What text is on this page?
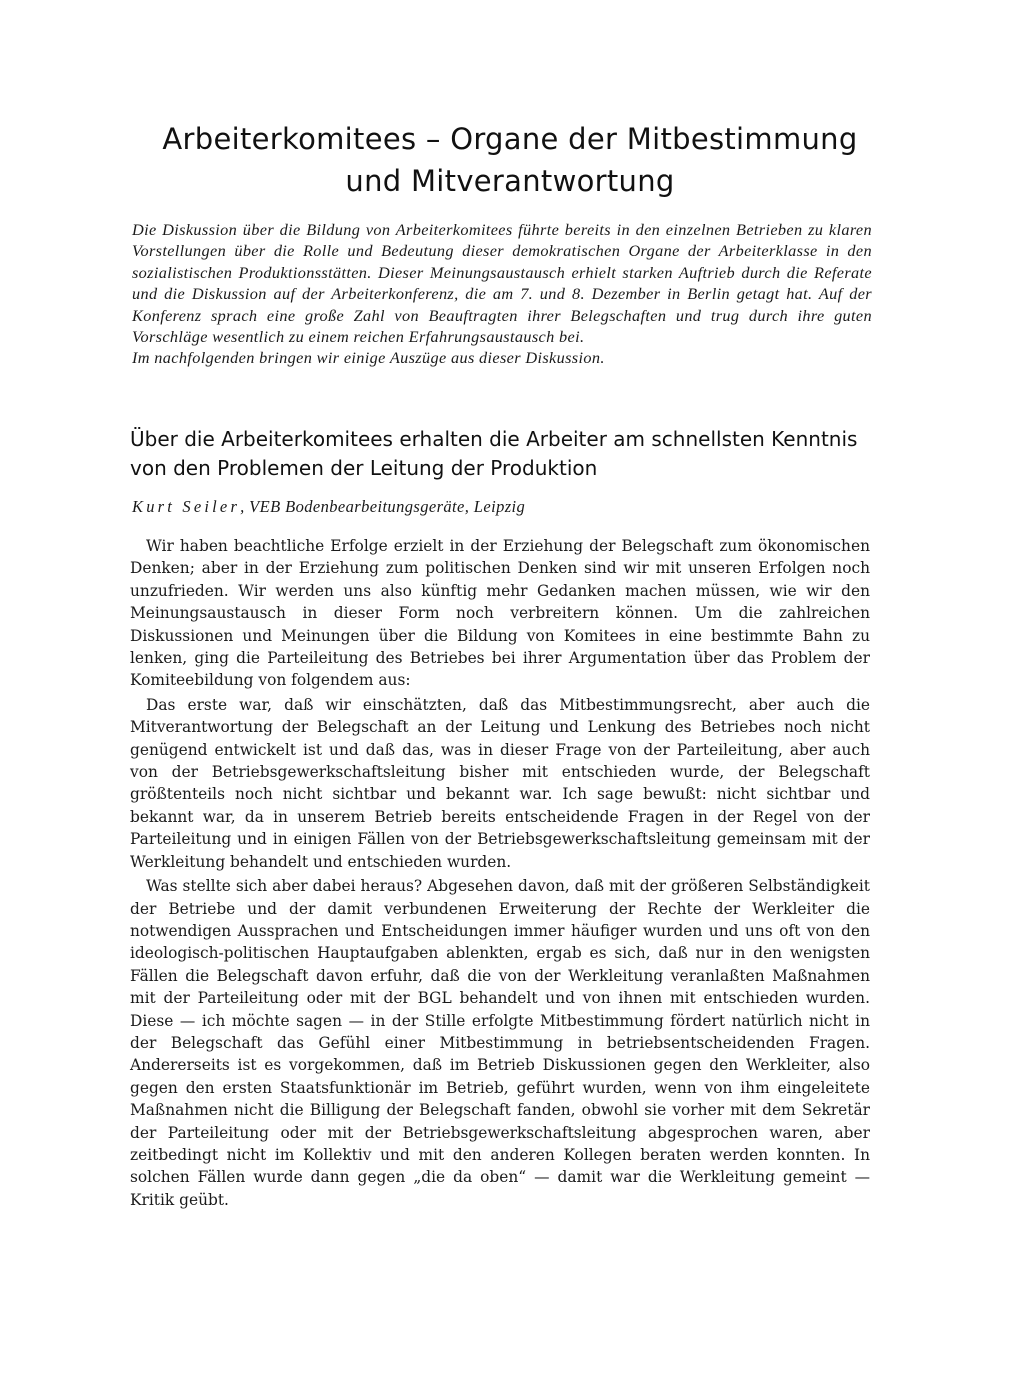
Arbeiterkomitees – Organe der Mitbestimmung
und Mitverantwortung

Die Diskussion über die Bildung von Arbeiterkomitees führte bereits in den einzelnen Betrieben zu klaren Vorstellungen über die Rolle und Bedeutung dieser demokratischen Organe der Arbeiterklasse in den sozialistischen Produktionsstätten. Dieser Meinungsaustausch erhielt starken Auftrieb durch die Referate und die Diskussion auf der Arbeiterkonferenz, die am 7. und 8. Dezember in Berlin getagt hat. Auf der Konferenz sprach eine große Zahl von Beauftragten ihrer Belegschaften und trug durch ihre guten Vorschläge wesentlich zu einem reichen Erfahrungsaustausch bei.

Im nachfolgenden bringen wir einige Auszüge aus dieser Diskussion.

Über die Arbeiterkomitees erhalten die Arbeiter am schnellsten Kenntnis von den Problemen der Leitung der Produktion
Kurt Seiler, VEB Bodenbearbeitungsgeräte, Leipzig

Wir haben beachtliche Erfolge erzielt in der Erziehung der Belegschaft zum ökonomischen Denken; aber in der Erziehung zum politischen Denken sind wir mit unseren Erfolgen noch unzufrieden. Wir werden uns also künftig mehr Gedanken machen müssen, wie wir den Meinungsaustausch in dieser Form noch verbreitern können. Um die zahlreichen Diskussionen und Meinungen über die Bildung von Komitees in eine bestimmte Bahn zu lenken, ging die Parteileitung des Betriebes bei ihrer Argumentation über das Problem der Komiteebildung von folgendem aus:

Das erste war, daß wir einschätzten, daß das Mitbestimmungsrecht, aber auch die Mitverantwortung der Belegschaft an der Leitung und Lenkung des Betriebes noch nicht genügend entwickelt ist und daß das, was in dieser Frage von der Parteileitung, aber auch von der Betriebsgewerkschaftsleitung bisher mit entschieden wurde, der Belegschaft größtenteils noch nicht sichtbar und bekannt war. Ich sage bewußt: nicht sichtbar und bekannt war, da in unserem Betrieb bereits entscheidende Fragen in der Regel von der Parteileitung und in einigen Fällen von der Betriebsgewerkschaftsleitung gemeinsam mit der Werkleitung behandelt und entschieden wurden.

Was stellte sich aber dabei heraus? Abgesehen davon, daß mit der größeren Selbständigkeit der Betriebe und der damit verbundenen Erweiterung der Rechte der Werkleiter die notwendigen Aussprachen und Entscheidungen immer häufiger wurden und uns oft von den ideologisch-politischen Hauptaufgaben ablenkten, ergab es sich, daß nur in den wenigsten Fällen die Belegschaft davon erfuhr, daß die von der Werkleitung veranlaßten Maßnahmen mit der Parteileitung oder mit der BGL behandelt und von ihnen mit entschieden wurden. Diese — ich möchte sagen — in der Stille erfolgte Mitbestimmung fördert natürlich nicht in der Belegschaft das Gefühl einer Mitbestimmung in betriebsentscheidenden Fragen. Andererseits ist es vorgekommen, daß im Betrieb Diskussionen gegen den Werkleiter, also gegen den ersten Staatsfunktionär im Betrieb, geführt wurden, wenn von ihm eingeleitete Maßnahmen nicht die Billigung der Belegschaft fanden, obwohl sie vorher mit dem Sekretär der Parteileitung oder mit der Betriebsgewerkschaftsleitung abgesprochen waren, aber zeitbedingt nicht im Kollektiv und mit den anderen Kollegen beraten werden konnten. In solchen Fällen wurde dann gegen „die da oben“ — damit war die Werkleitung gemeint — Kritik geübt.
